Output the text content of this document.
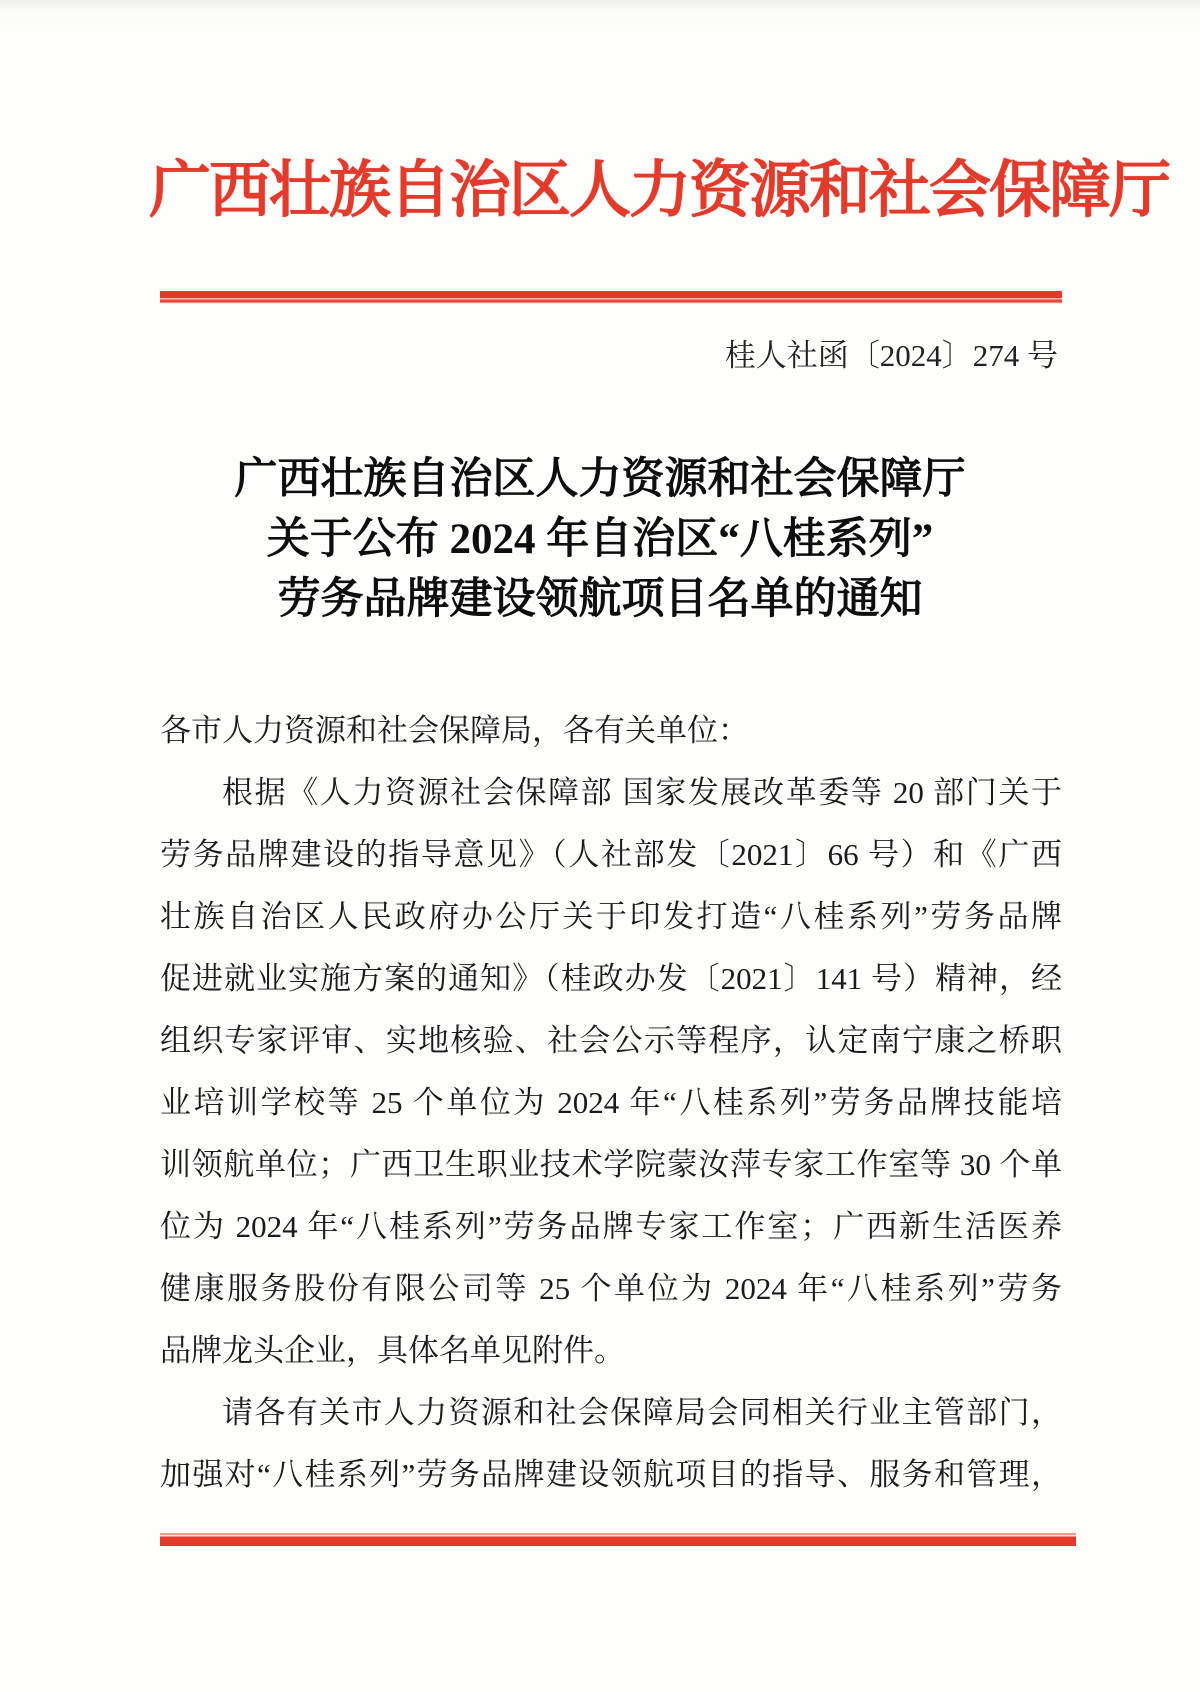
广西壮族自治区人力资源和社会保障厅
桂人社函〔2024〕274 号
广西壮族自治区人力资源和社会保障厅
关于公布 2024 年自治区“八桂系列”
劳务品牌建设领航项目名单的通知
各市人力资源和社会保障局，各有关单位：
根据《人力资源社会保障部 国家发展改革委等 20 部门关于
劳务品牌建设的指导意见》（人社部发〔2021〕66 号）和《广西
壮族自治区人民政府办公厅关于印发打造“八桂系列”劳务品牌
促进就业实施方案的通知》（桂政办发〔2021〕141 号）精神，经
组织专家评审、实地核验、社会公示等程序，认定南宁康之桥职
业培训学校等 25 个单位为 2024 年“八桂系列”劳务品牌技能培
训领航单位；广西卫生职业技术学院蒙汝萍专家工作室等 30 个单
位为 2024 年“八桂系列”劳务品牌专家工作室；广西新生活医养
健康服务股份有限公司等 25 个单位为 2024 年“八桂系列”劳务
品牌龙头企业，具体名单见附件。
请各有关市人力资源和社会保障局会同相关行业主管部门，
加强对“八桂系列”劳务品牌建设领航项目的指导、服务和管理，
